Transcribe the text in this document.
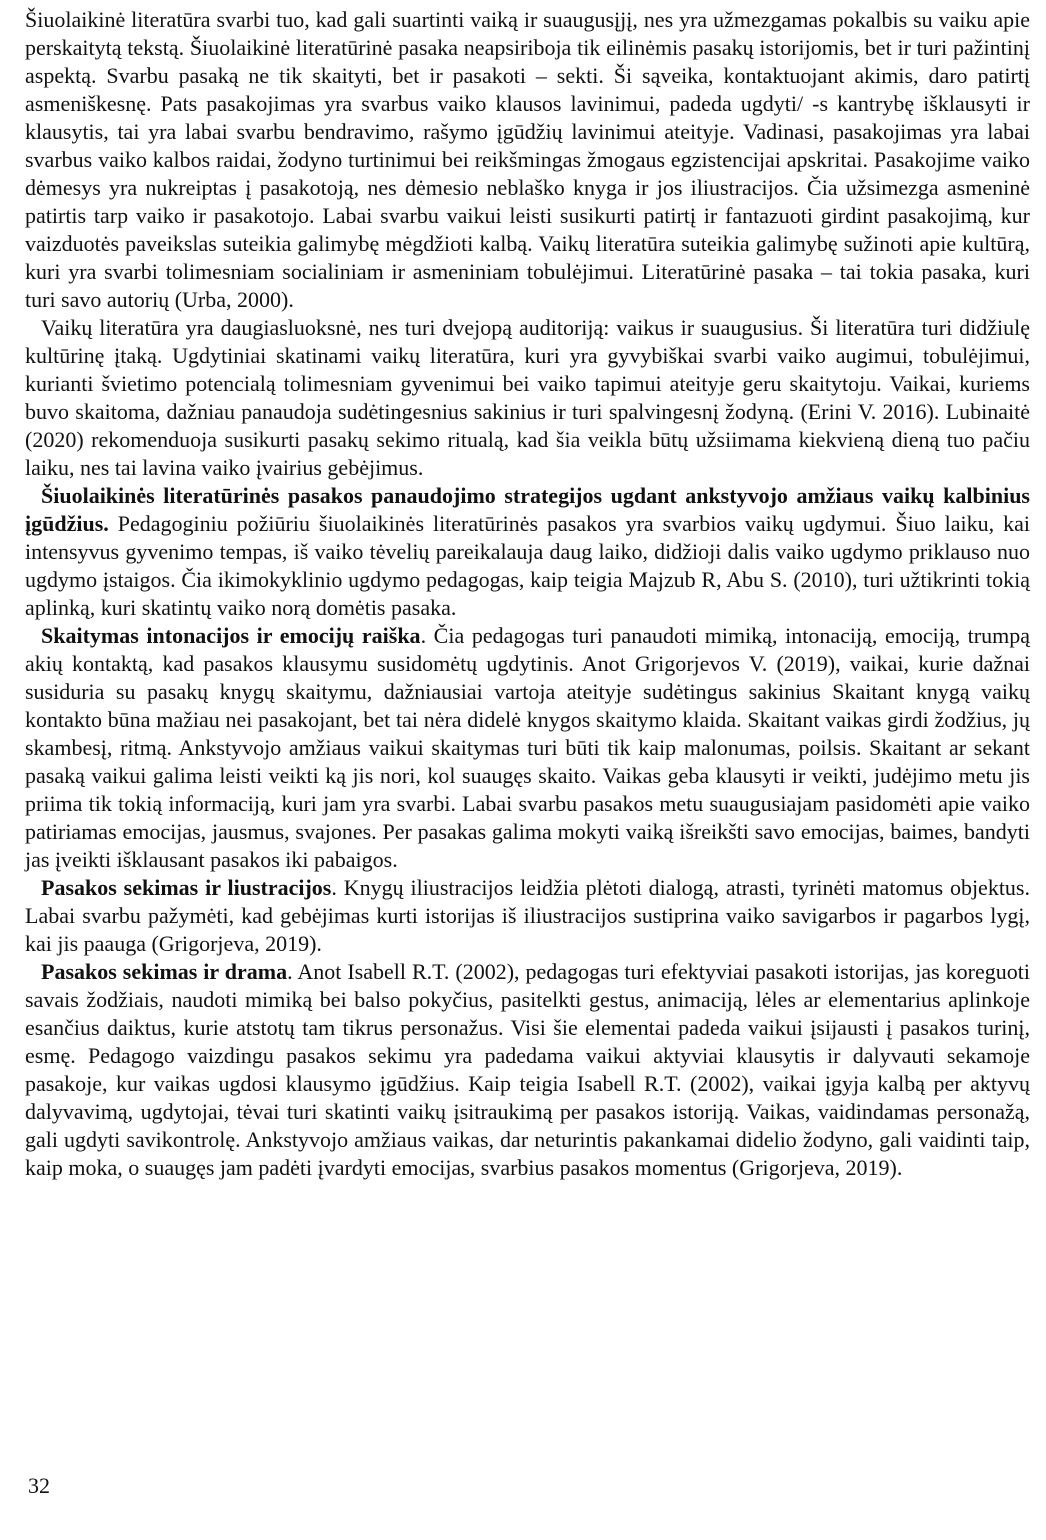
Šiuolaikinė literatūra svarbi tuo, kad gali suartinti vaiką ir suaugusįjį, nes yra užmezgamas pokalbis su vaiku apie perskaitytą tekstą. Šiuolaikinė literatūrinė pasaka neapsiriboja tik eilinėmis pasakų istorijomis, bet ir turi pažintinį aspektą. Svarbu pasaką ne tik skaityti, bet ir pasakoti – sekti. Ši sąveika, kontaktuojant akimis, daro patirtį asmeniškesnę. Pats pasakojimas yra svarbus vaiko klausos lavinimui, padeda ugdyti/ -s kantrybę išklausyti ir klausytis, tai yra labai svarbu bendravimo, rašymo įgūdžių lavinimui ateityje. Vadinasi, pasakojimas yra labai svarbus vaiko kalbos raidai, žodyno turtinimui bei reikšmingas žmogaus egzistencijai apskritai. Pasakojime vaiko dėmesys yra nukreiptas į pasakotoją, nes dėmesio neblaško knyga ir jos iliustracijos. Čia užsimezga asmeninė patirtis tarp vaiko ir pasakotojo. Labai svarbu vaikui leisti susikurti patirtį ir fantazuoti girdint pasakojimą, kur vaizduotės paveikslas suteikia galimybę mėgdžioti kalbą. Vaikų literatūra suteikia galimybę sužinoti apie kultūrą, kuri yra svarbi tolimesniam socialiniam ir asmeniniam tobulėjimui. Literatūrinė pasaka – tai tokia pasaka, kuri turi savo autorių (Urba, 2000).

Vaikų literatūra yra daugiasluoksnė, nes turi dvejopą auditoriją: vaikus ir suaugusius. Ši literatūra turi didžiulę kultūrinę įtaką. Ugdytiniai skatinami vaikų literatūra, kuri yra gyvybiškai svarbi vaiko augimui, tobulėjimui, kurianti švietimo potencialą tolimesniam gyvenimui bei vaiko tapimui ateityje geru skaitytoju. Vaikai, kuriems buvo skaitoma, dažniau panaudoja sudėtingesnius sakinius ir turi spalvingesnį žodyną. (Erini V. 2016). Lubinaitė (2020) rekomenduoja susikurti pasakų sekimo ritualą, kad šia veikla būtų užsiimama kiekvieną dieną tuo pačiu laiku, nes tai lavina vaiko įvairius gebėjimus.

Šiuolaikinės literatūrinės pasakos panaudojimo strategijos ugdant ankstyvojo amžiaus vaikų kalbinius įgūdžius. Pedagoginiu požiūriu šiuolaikinės literatūrinės pasakos yra svarbios vaikų ugdymui. Šiuo laiku, kai intensyvus gyvenimo tempas, iš vaiko tėvelių pareikalauja daug laiko, didžioji dalis vaiko ugdymo priklauso nuo ugdymo įstaigos. Čia ikimokyklinio ugdymo pedagogas, kaip teigia Majzub R, Abu S. (2010), turi užtikrinti tokią aplinką, kuri skatintų vaiko norą domėtis pasaka.

Skaitymas intonacijos ir emocijų raiška. Čia pedagogas turi panaudoti mimiką, intonaciją, emociją, trumpą akių kontaktą, kad pasakos klausymu susidomėtų ugdytinis. Anot Grigorjevos V. (2019), vaikai, kurie dažnai susiduria su pasakų knygų skaitymu, dažniausiai vartoja ateityje sudėtingus sakinius Skaitant knygą vaikų kontakto būna mažiau nei pasakojant, bet tai nėra didelė knygos skaitymo klaida. Skaitant vaikas girdi žodžius, jų skambesį, ritmą. Ankstyvojo amžiaus vaikui skaitymas turi būti tik kaip malonumas, poilsis. Skaitant ar sekant pasaką vaikui galima leisti veikti ką jis nori, kol suaugęs skaito. Vaikas geba klausyti ir veikti, judėjimo metu jis priima tik tokią informaciją, kuri jam yra svarbi. Labai svarbu pasakos metu suaugusiajam pasidomėti apie vaiko patiriamas emocijas, jausmus, svajones. Per pasakas galima mokyti vaiką išreikšti savo emocijas, baimes, bandyti jas įveikti išklausant pasakos iki pabaigos.

Pasakos sekimas ir liustracijos. Knygų iliustracijos leidžia plėtoti dialogą, atrasti, tyrinėti matomus objektus. Labai svarbu pažymėti, kad gebėjimas kurti istorijas iš iliustracijos sustiprina vaiko savigarbos ir pagarbos lygį, kai jis paauga (Grigorjeva, 2019).

Pasakos sekimas ir drama. Anot Isabell R.T. (2002), pedagogas turi efektyviai pasakoti istorijas, jas koreguoti savais žodžiais, naudoti mimiką bei balso pokyčius, pasitelkti gestus, animaciją, lėles ar elementarius aplinkoje esančius daiktus, kurie atstotų tam tikrus personažus. Visi šie elementai padeda vaikui įsijausti į pasakos turinį, esmę. Pedagogo vaizdingu pasakos sekimu yra padedama vaikui aktyviai klausytis ir dalyvauti sekamoje pasakoje, kur vaikas ugdosi klausymo įgūdžius. Kaip teigia Isabell R.T. (2002), vaikai įgyja kalbą per aktyvų dalyvavimą, ugdytojai, tėvai turi skatinti vaikų įsitraukimą per pasakos istoriją. Vaikas, vaidindamas personažą, gali ugdyti savikontrolę. Ankstyvojo amžiaus vaikas, dar neturintis pakankamai didelio žodyno, gali vaidinti taip, kaip moka, o suaugęs jam padėti įvardyti emocijas, svarbius pasakos momentus (Grigorjeva, 2019).

32
